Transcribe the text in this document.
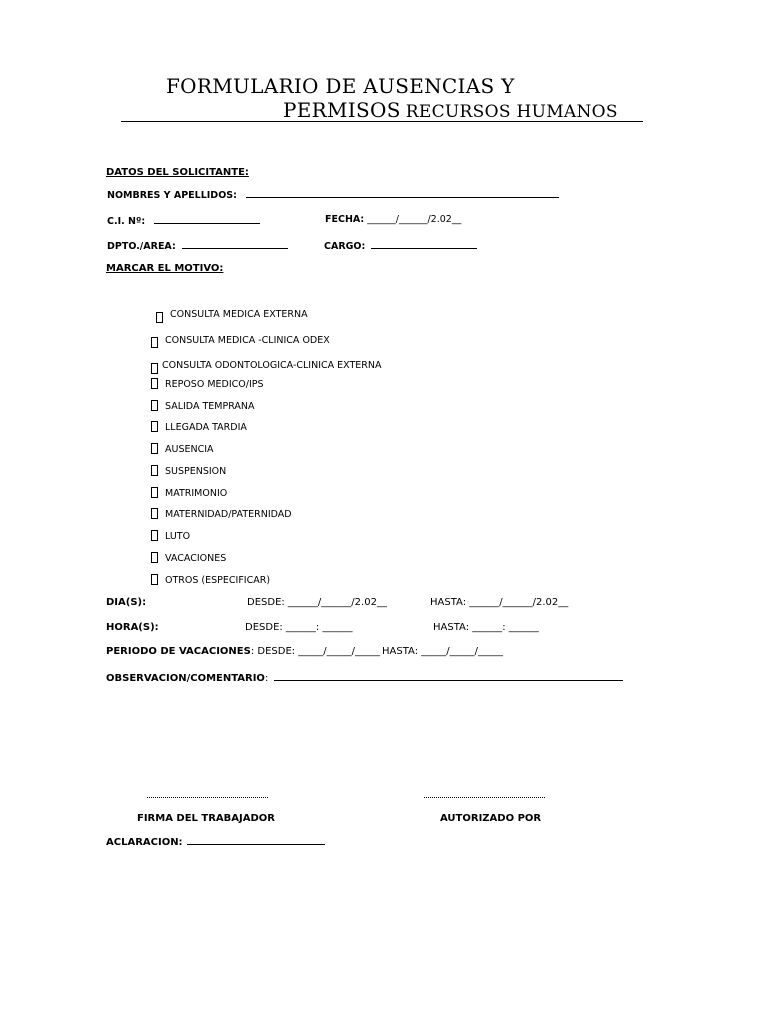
FORMULARIO DE AUSENCIAS Y
PERMISOS RECURSOS HUMANOS
DATOS DEL SOLICITANTE:
NOMBRES Y APELLIDOS:
C.I. Nº:	FECHA: ______/______/2.02__
DPTO./AREA:	CARGO:
MARCAR EL MOTIVO:
CONSULTA MEDICA EXTERNA
CONSULTA MEDICA -CLINICA ODEX
CONSULTA ODONTOLOGICA-CLINICA EXTERNA
REPOSO MEDICO/IPS
SALIDA TEMPRANA
LLEGADA TARDIA
AUSENCIA
SUSPENSION
MATRIMONIO
MATERNIDAD/PATERNIDAD
LUTO
VACACIONES
OTROS (ESPECIFICAR)
DIA(S):	DESDE: ______/______/2.02__	HASTA: ______/______/2.02__
HORA(S):	DESDE: ______: ______	HASTA: ______: ______
PERIODO DE VACACIONES: DESDE: _____/_____/_____ HASTA: _____/_____/_____
OBSERVACION/COMENTARIO:
FIRMA DEL TRABAJADOR	AUTORIZADO POR
ACLARACION:
